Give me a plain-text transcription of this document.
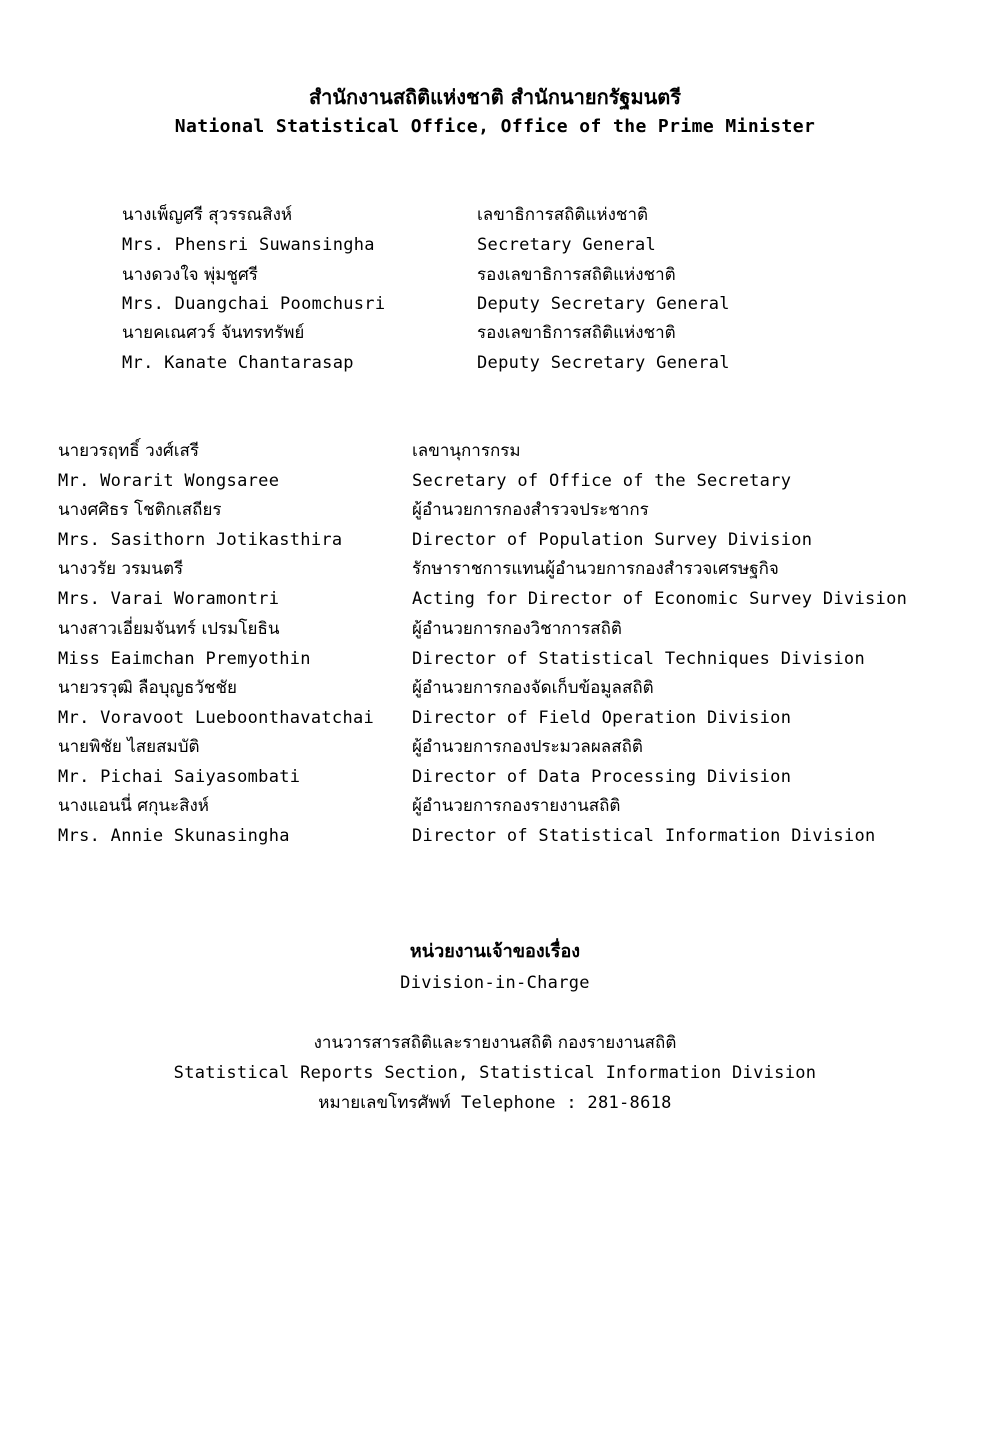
สำนักงานสถิติแห่งชาติ สำนักนายกรัฐมนตรี
National Statistical Office, Office of the Prime Minister
นางเพ็ญศรี สุวรรณสิงห์	เลขาธิการสถิติแห่งชาติ
Mrs. Phensri Suwansingha	Secretary General
นางดวงใจ พุ่มชูศรี	รองเลขาธิการสถิติแห่งชาติ
Mrs. Duangchai Poomchusri	Deputy Secretary General
นายคเณศวร์ จันทรทรัพย์	รองเลขาธิการสถิติแห่งชาติ
Mr. Kanate Chantarasap	Deputy Secretary General
นายวรฤทธิ์ วงศ์เสรี	เลขานุการกรม
Mr. Worarit Wongsaree	Secretary of Office of the Secretary
นางศศิธร โชติกเสถียร	ผู้อำนวยการกองสำรวจประชากร
Mrs. Sasithorn Jotikasthira	Director of Population Survey Division
นางวรัย วรมนตรี	รักษาราชการแทนผู้อำนวยการกองสำรวจเศรษฐกิจ
Mrs. Varai Woramontri	Acting for Director of Economic Survey Division
นางสาวเอี่ยมจันทร์ เปรมโยธิน	ผู้อำนวยการกองวิชาการสถิติ
Miss Eaimchan Premyothin	Director of Statistical Techniques Division
นายวรวุฒิ ลือบุญธวัชชัย	ผู้อำนวยการกองจัดเก็บข้อมูลสถิติ
Mr. Voravoot Lueboonthavatchai Director of Field Operation Division
นายพิชัย ไสยสมบัติ	ผู้อำนวยการกองประมวลผลสถิติ
Mr. Pichai Saiyasombati	Director of Data Processing Division
นางแอนนี่ ศกุนะสิงห์	ผู้อำนวยการกองรายงานสถิติ
Mrs. Annie Skunasingha	Director of Statistical Information Division
หน่วยงานเจ้าของเรื่อง
Division-in-Charge
งานวารสารสถิติและรายงานสถิติ กองรายงานสถิติ
Statistical Reports Section, Statistical Information Division
หมายเลขโทรศัพท์ Telephone : 281-8618
